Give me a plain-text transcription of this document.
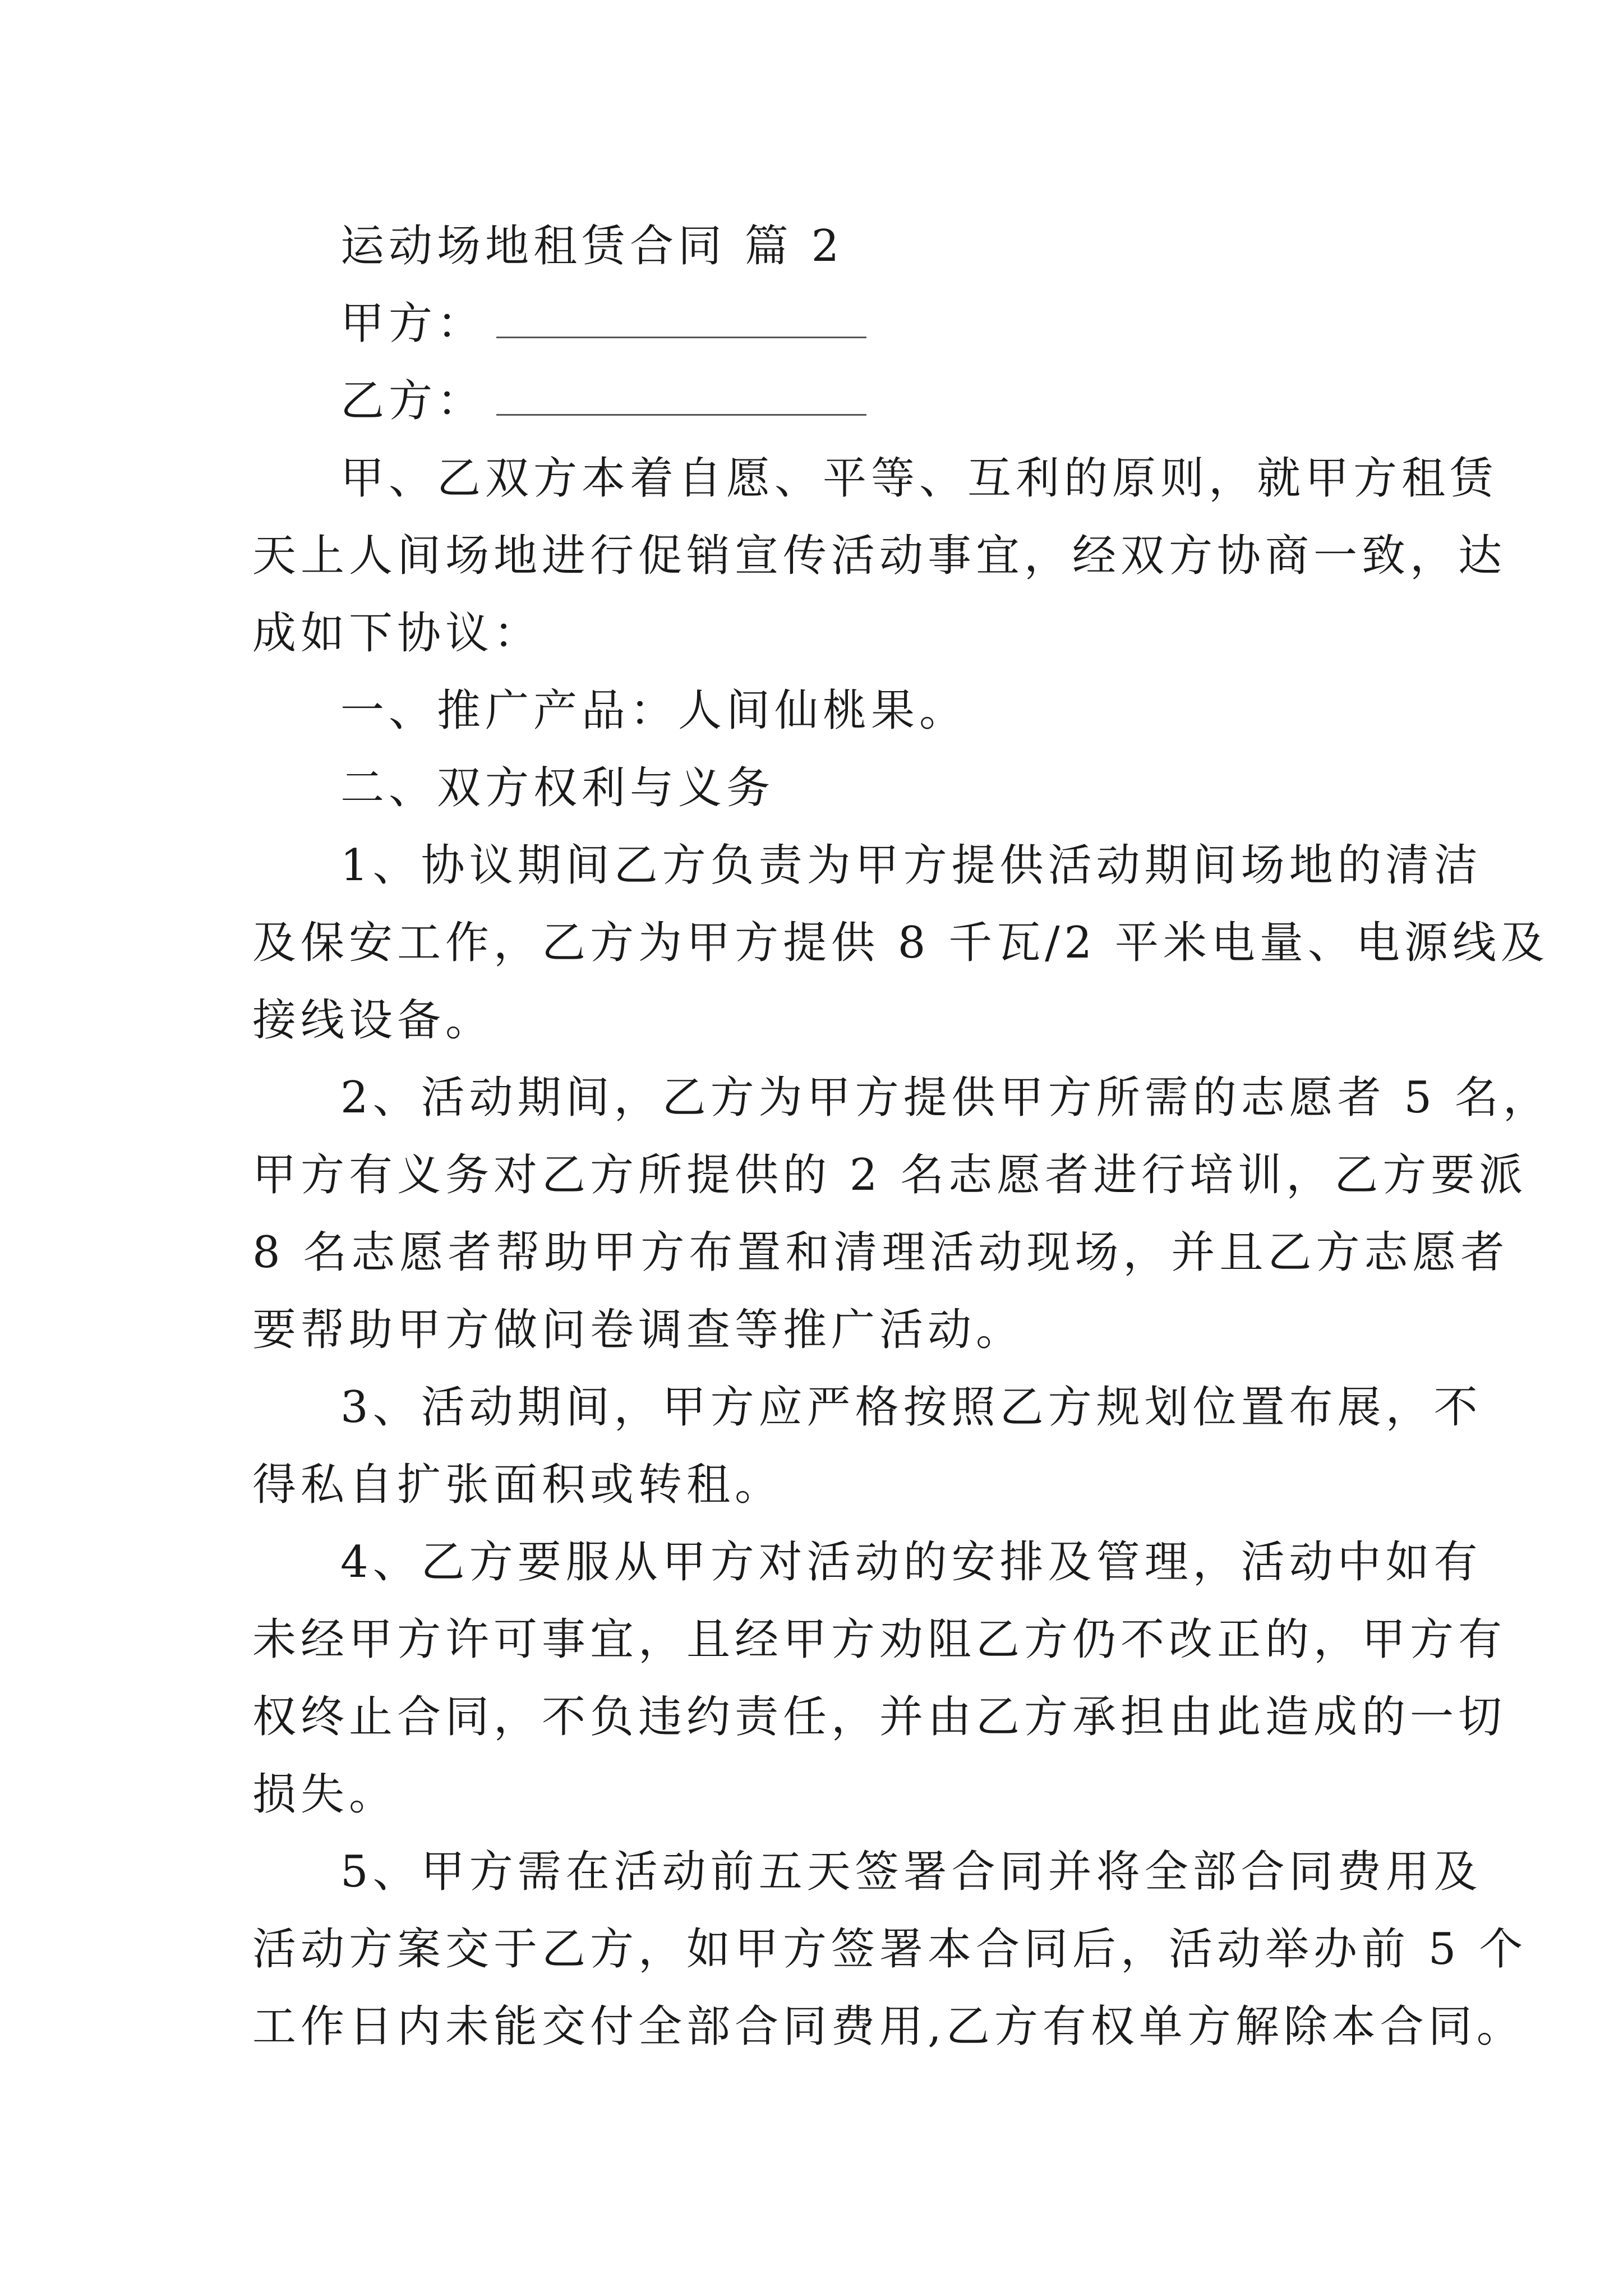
运动场地租赁合同 篇 2

甲方：

乙方：

甲、乙双方本着自愿、平等、互利的原则，就甲方租赁

天上人间场地进行促销宣传活动事宜，经双方协商一致，达

成如下协议：

一、推广产品：人间仙桃果。

二、双方权利与义务

1、协议期间乙方负责为甲方提供活动期间场地的清洁

及保安工作，乙方为甲方提供 8 千瓦/2 平米电量、电源线及

接线设备。

2、活动期间，乙方为甲方提供甲方所需的志愿者 5 名，

甲方有义务对乙方所提供的 2 名志愿者进行培训，乙方要派

8 名志愿者帮助甲方布置和清理活动现场，并且乙方志愿者

要帮助甲方做问卷调查等推广活动。

3、活动期间，甲方应严格按照乙方规划位置布展，不

得私自扩张面积或转租。

4、乙方要服从甲方对活动的安排及管理，活动中如有

未经甲方许可事宜，且经甲方劝阻乙方仍不改正的，甲方有

权终止合同，不负违约责任，并由乙方承担由此造成的一切

损失。

5、甲方需在活动前五天签署合同并将全部合同费用及

活动方案交于乙方，如甲方签署本合同后，活动举办前 5 个

工作日内未能交付全部合同费用,乙方有权单方解除本合同。
